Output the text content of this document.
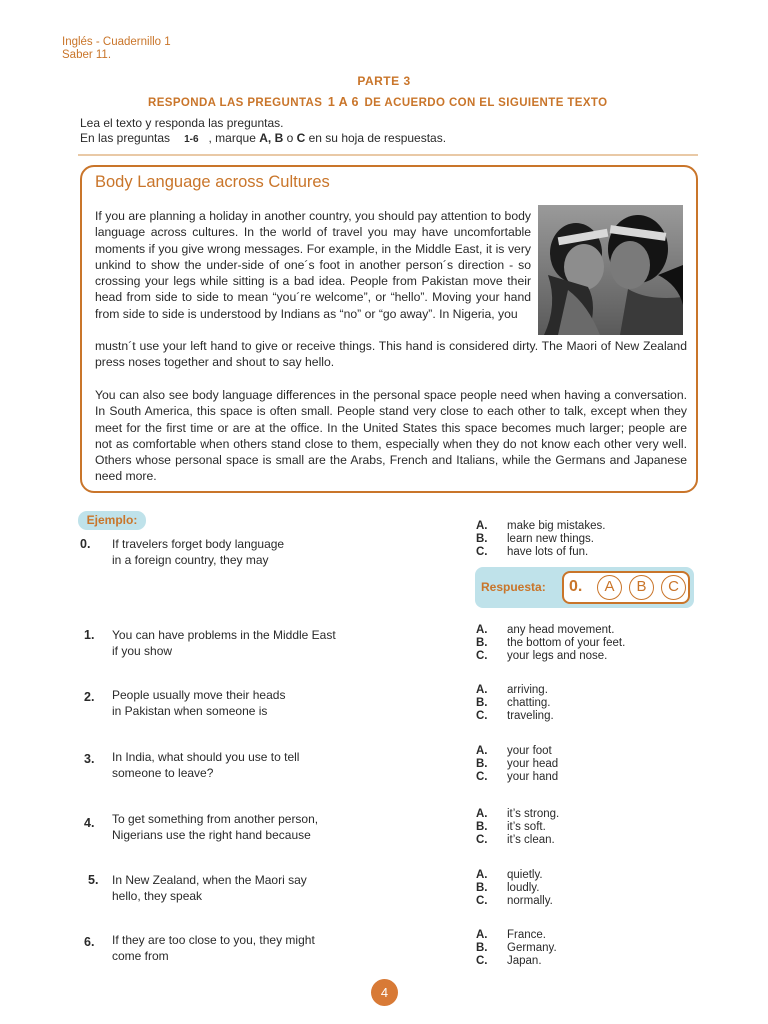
Inglés - Cuadernillo 1
Saber 11.
PARTE 3
RESPONDA LAS PREGUNTAS 1 A 6 DE ACUERDO CON EL SIGUIENTE TEXTO
Lea el texto y responda las preguntas.
En las preguntas 1-6 , marque A, B o C en su hoja de respuestas.
Body Language across Cultures
If you are planning a holiday in another country, you should pay attention to body language across cultures. In the world of travel you may have uncomfortable moments if you give wrong messages. For example, in the Middle East, it is very unkind to show the under-side of one´s foot in another person´s direction - so crossing your legs while sitting is a bad idea. People from Pakistan move their head from side to side to mean “you´re welcome”, or “hello”. Moving your hand from side to side is understood by Indians as “no” or “go away”. In Nigeria, you
mustn´t use your left hand to give or receive things. This hand is considered dirty. The Maori of New Zealand press noses together and shout to say hello.
You can also see body language differences in the personal space people need when having a conversation. In South America, this space is often small. People stand very close to each other to talk, except when they meet for the first time or are at the office. In the United States this space becomes much larger; people are not as comfortable when others stand close to them, especially when they do not know each other very well. Others whose personal space is small are the Arabs, French and Italians, while the Germans and Japanese need more.
Ejemplo:
0. If travelers forget body language
in a foreign country, they may
A.	make big mistakes.
B.	learn new things.
C.	have lots of fun.
Respuesta: 0.	A	B	C
1. You can have problems in the Middle East
if you show
A.	any head movement.
B.	the bottom of your feet.
C.	your legs and nose.
2. People usually move their heads
in Pakistan when someone is
A.	arriving.
B.	chatting.
C.	traveling.
3. In India, what should you use to tell
someone to leave?
A.	your foot
B.	your head
C.	your hand
4. To get something from another person,
Nigerians use the right hand because
A.	it’s strong.
B.	it’s soft.
C.	it’s clean.
5. In New Zealand, when the Maori say
hello, they speak
A.	quietly.
B.	loudly.
C.	normally.
6. If they are too close to you, they might
come from
A.	France.
B.	Germany.
C.	Japan.
4
